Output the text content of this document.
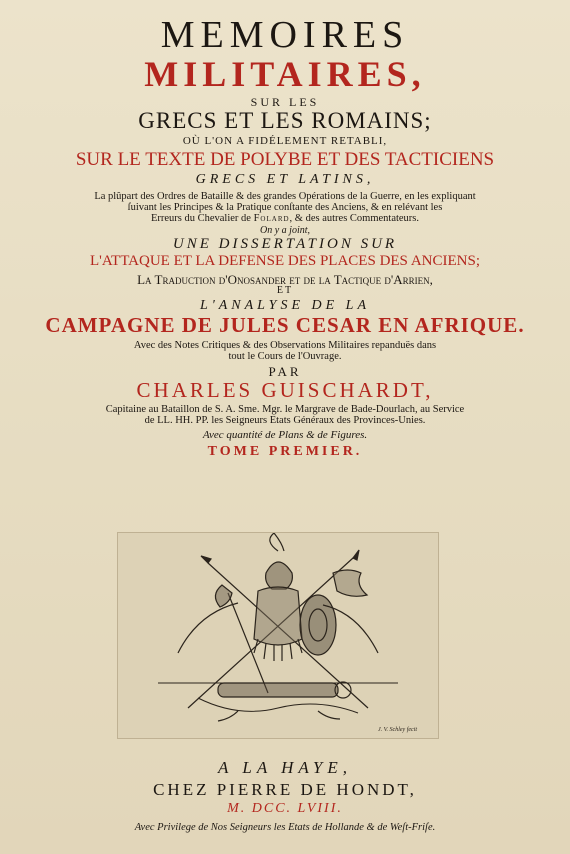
MEMOIRES
MILITAIRES,
SUR LES
GRECS ET LES ROMAINS;
OÙ L'ON A FIDÉLEMENT RETABLI,
SUR LE TEXTE DE POLYBE ET DES TACTICIENS
GRECS ET LATINS,
La plûpart des Ordres de Bataille & des grandes Opérations de la Guerre, en les expliquant
ſuivant les Principes & la Pratique conſtante des Anciens, & en relévant les
Erreurs du Chevalier de Folard, & des autres Commentateurs.
On y a joint,
UNE DISSERTATION SUR
L'ATTAQUE ET LA DEFENSE DES PLACES DES ANCIENS;
La Traduction d'Onosander et de la Tactique d'Arrien,
ET
L'ANALYSE DE LA
CAMPAGNE DE JULES CESAR EN AFRIQUE.
Avec des Notes Critiques & des Observations Militaires repanduës dans
tout le Cours de l'Ouvrage.
PAR
CHARLES GUISCHARDT,
Capitaine au Bataillon de S. A. Sme. Mgr. le Margrave de Bade-Dourlach, au Service
de LL. HH. PP. les Seigneurs Etats Généraux des Provinces-Unies.
Avec quantité de Plans & de Figures.
TOME PREMIER.
J. V. Schley fecit
A LA HAYE,
CHEZ PIERRE DE HONDT,
M. DCC. LVIII.
Avec Privilege de Nos Seigneurs les Etats de Hollande & de Weſt-Friſe.
